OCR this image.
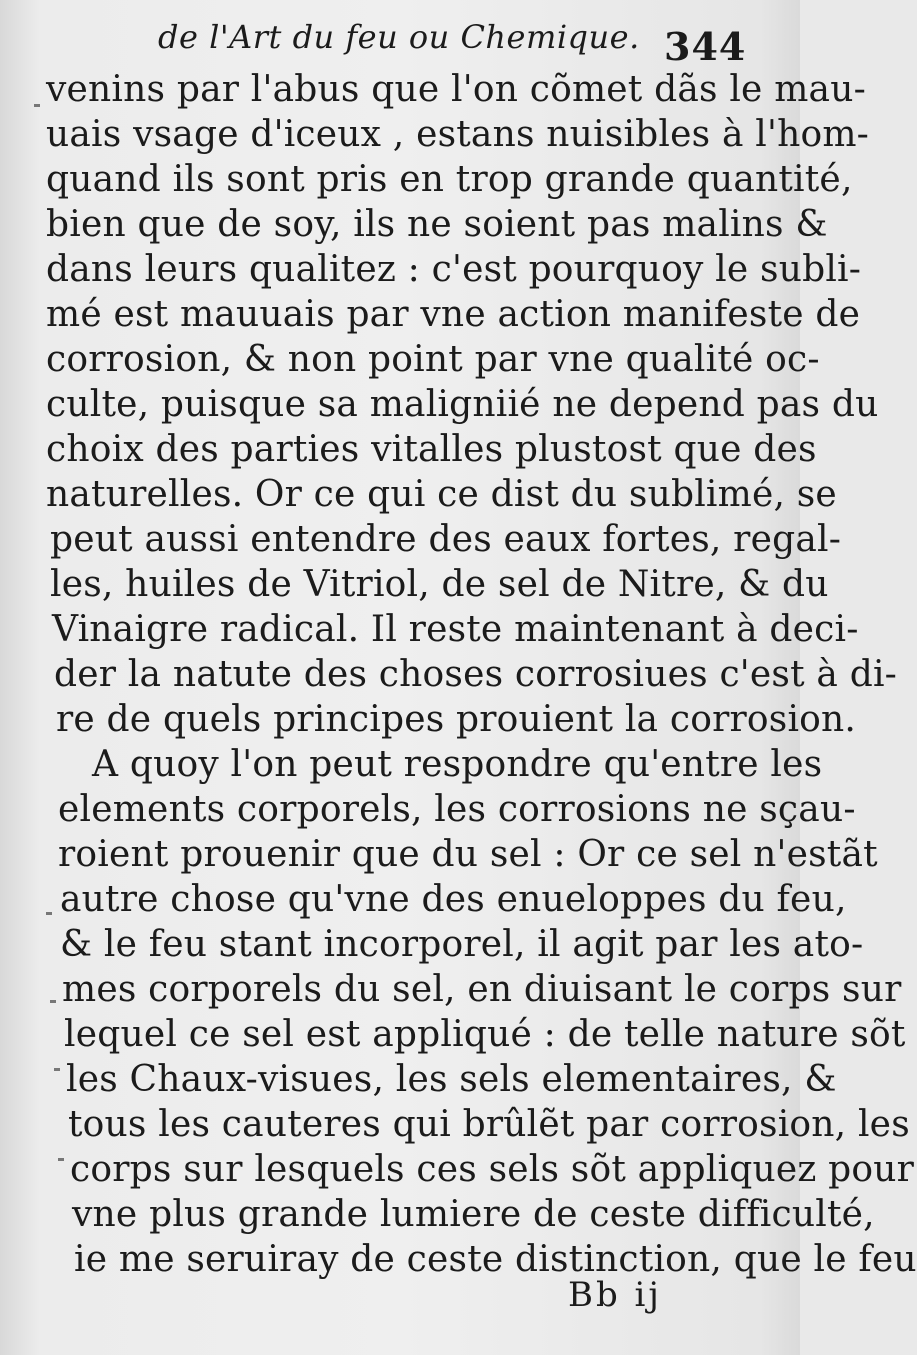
de l'Art du feu ou Chemique. 344
venins par l'abus que l'on cõmet dãs le mau-
uais vsage d'iceux , estans nuisibles à l'hom-
quand ils sont pris en trop grande quantité,
bien que de soy, ils ne soient pas malins &
dans leurs qualitez : c'est pourquoy le subli-
mé est mauuais par vne action manifeste de
corrosion, & non point par vne qualité oc-
culte, puisque sa maligniié ne depend pas du
choix des parties vitalles plustost que des
naturelles. Or ce qui ce dist du sublimé, se
peut aussi entendre des eaux fortes, regal-
les, huiles de Vitriol, de sel de Nitre, & du
Vinaigre radical. Il reste maintenant à deci-
der la natute des choses corrosiues c'est à di-
re de quels principes prouient la corrosion.
A quoy l'on peut respondre qu'entre les
elements corporels, les corrosions ne sçau-
roient prouenir que du sel : Or ce sel n'estãt
autre chose qu'vne des enueloppes du feu,
& le feu stant incorporel, il agit par les ato-
mes corporels du sel, en diuisant le corps sur
lequel ce sel est appliqué : de telle nature sõt
les Chaux-visues, les sels elementaires, &
tous les cauteres qui brûlẽt par corrosion, les
corps sur lesquels ces sels sõt appliquez pour
vne plus grande lumiere de ceste difficulté,
ie me seruiray de ceste distinction, que le feu
Bb ij
